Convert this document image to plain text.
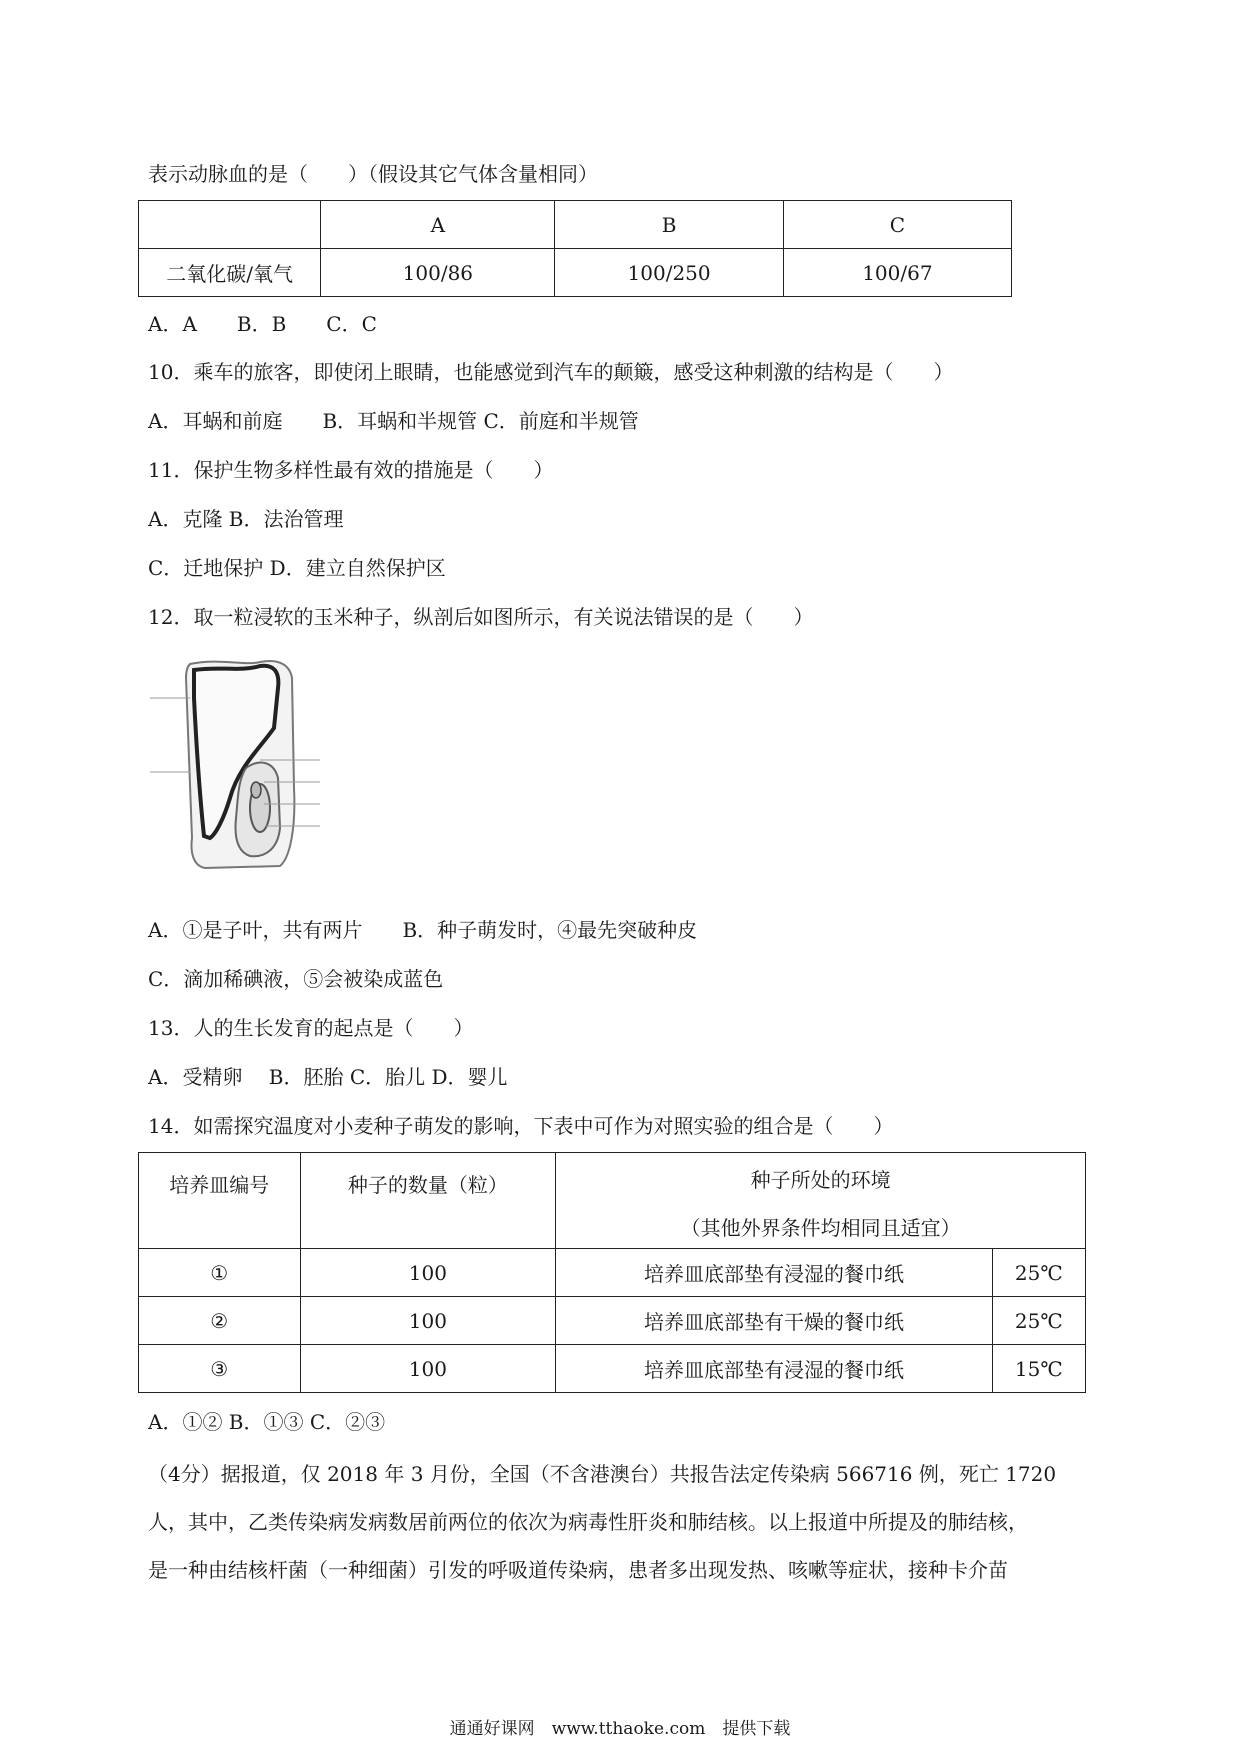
表示动脉血的是（　　）（假设其它气体含量相同）
	A	B	C
二氧化碳/氧气	100/86	100/250	100/67
A．A　　B．B　　C．C
10．乘车的旅客，即使闭上眼睛，也能感觉到汽车的颠簸，感受这种刺激的结构是（　　）
A．耳蜗和前庭　　B．耳蜗和半规管 C．前庭和半规管
11．保护生物多样性最有效的措施是（　　）
A．克隆 B．法治管理
C．迁地保护 D．建立自然保护区
12．取一粒浸软的玉米种子，纵剖后如图所示，有关说法错误的是（　　）
A．①是子叶，共有两片　　B．种子萌发时，④最先突破种皮
C．滴加稀碘液，⑤会被染成蓝色
13．人的生长发育的起点是（　　）
A．受精卵　 B．胚胎 C．胎儿 D．婴儿
14．如需探究温度对小麦种子萌发的影响，下表中可作为对照实验的组合是（　　）
培养皿编号	种子的数量（粒）	种子所处的环境
（其他外界条件均相同且适宜）	

①	100	培养皿底部垫有浸湿的餐巾纸	25℃
②	100	培养皿底部垫有干燥的餐巾纸	25℃
③	100	培养皿底部垫有浸湿的餐巾纸	15℃
A．①② B．①③ C．②③
（4分）据报道，仅 2018 年 3 月份，全国（不含港澳台）共报告法定传染病 566716 例，死亡 1720
人，其中，乙类传染病发病数居前两位的依次为病毒性肝炎和肺结核。以上报道中所提及的肺结核，
是一种由结核杆菌（一种细菌）引发的呼吸道传染病，患者多出现发热、咳嗽等症状，接种卡介苗
通通好课网　www.tthaoke.com　提供下载
